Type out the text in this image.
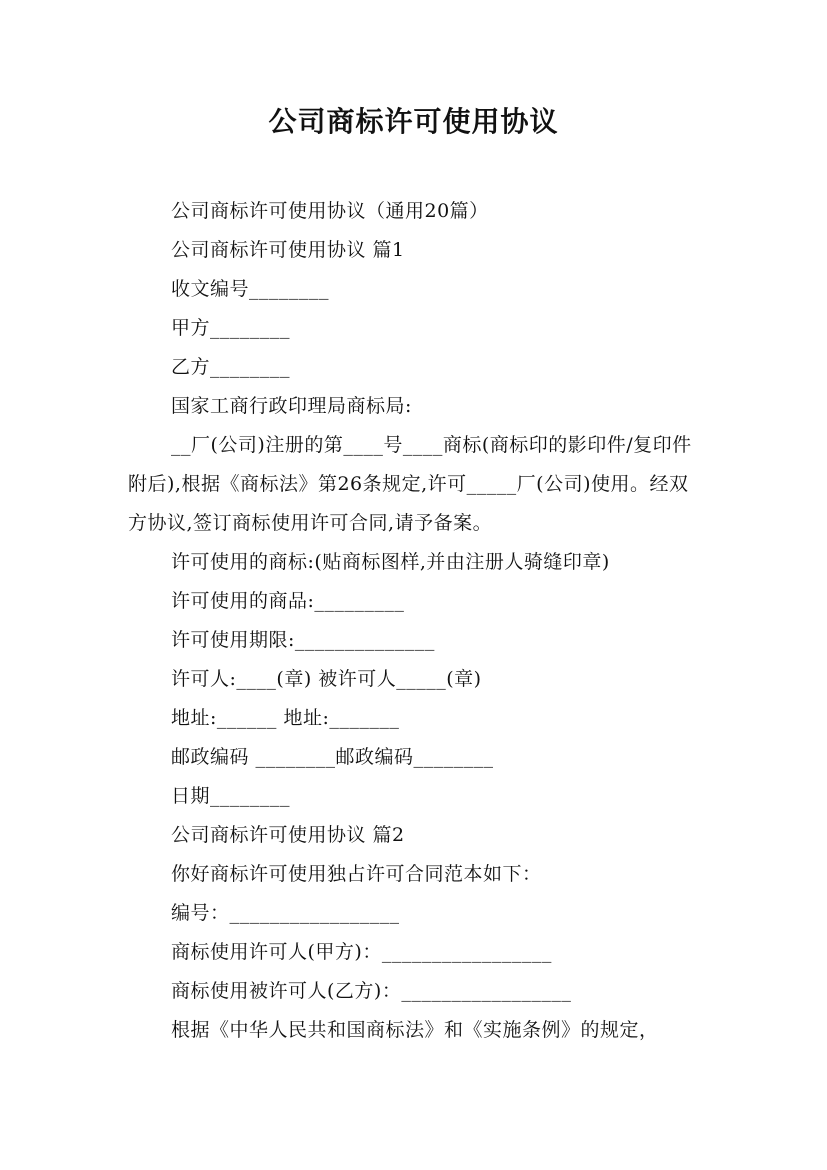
公司商标许可使用协议

公司商标许可使用协议（通用20篇）

公司商标许可使用协议 篇1

收文编号________

甲方________

乙方________

国家工商行政印理局商标局:

__厂(公司)注册的第____号____商标(商标印的影印件/复印件附后),根据《商标法》第26条规定,许可_____厂(公司)使用。经双方协议,签订商标使用许可合同,请予备案。

许可使用的商标:(贴商标图样,并由注册人骑缝印章)

许可使用的商品:_________

许可使用期限:______________

许可人:____(章) 被许可人_____(章)

地址:______ 地址:_______

邮政编码 ________邮政编码________

日期________

公司商标许可使用协议 篇2

你好商标许可使用独占许可合同范本如下：

编号：_________________

商标使用许可人(甲方)：_________________

商标使用被许可人(乙方)：_________________

根据《中华人民共和国商标法》和《实施条例》的规定，
